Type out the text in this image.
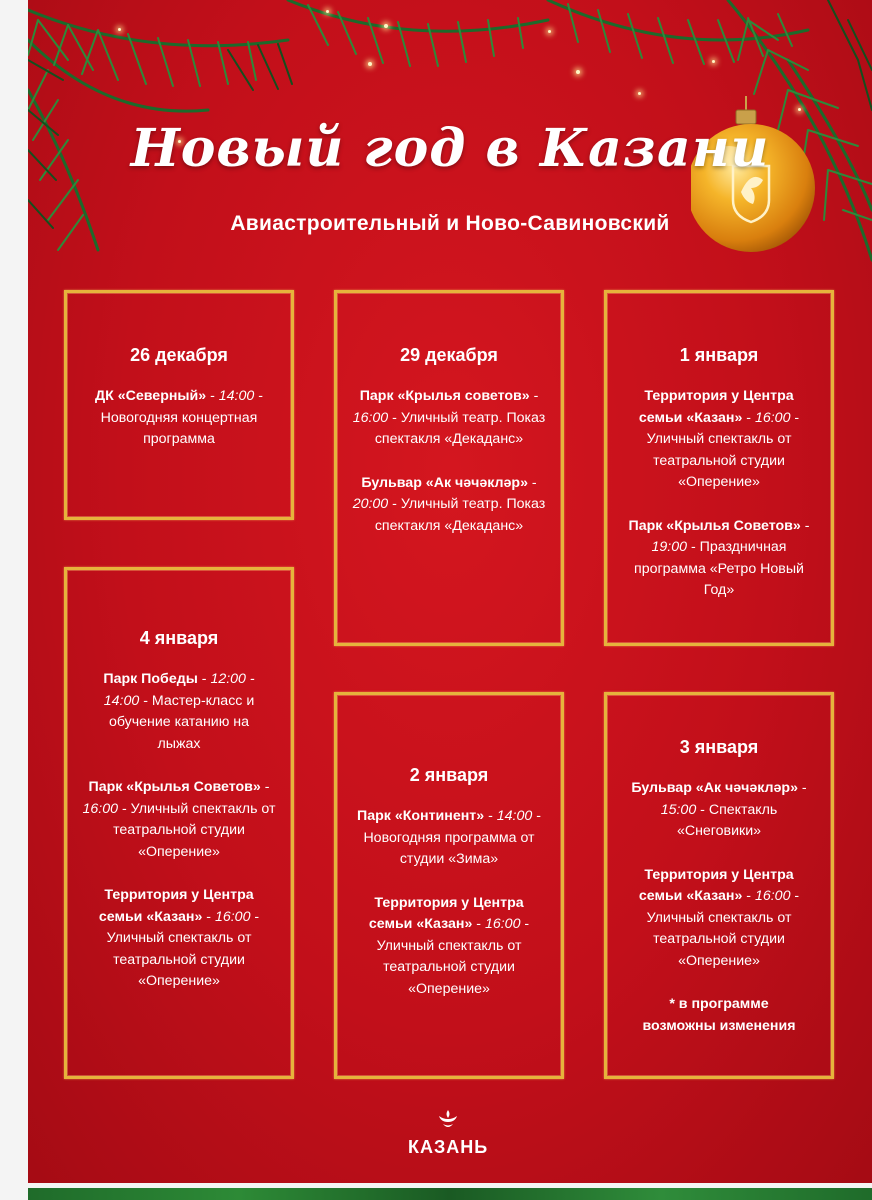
Новый год в Казани
Авиастроительный и Ново-Савиновский
26 декабря
ДК «Северный» - 14:00 - Новогодняя концертная программа
29 декабря
Парк «Крылья советов» - 16:00 - Уличный театр. Показ спектакля «Декаданс»
Бульвар «Ак чәчәкләр» - 20:00 - Уличный театр. Показ спектакля «Декаданс»
1 января
Территория у Центра семьи «Казан» - 16:00 - Уличный спектакль от театральной студии «Оперение»
Парк «Крылья Советов» - 19:00 - Праздничная программа «Ретро Новый Год»
4 января
Парк Победы - 12:00 - 14:00 - Мастер-класс и обучение катанию на лыжах
Парк «Крылья Советов» - 16:00 - Уличный спектакль от театральной студии «Оперение»
Территория у Центра семьи «Казан» - 16:00 - Уличный спектакль от театральной студии «Оперение»
2 января
Парк «Континент» - 14:00 - Новогодняя программа от студии «Зима»
Территория у Центра семьи «Казан» - 16:00 - Уличный спектакль от театральной студии «Оперение»
3 января
Бульвар «Ак чәчәкләр» - 15:00 - Спектакль «Снеговики»
Территория у Центра семьи «Казан» - 16:00 - Уличный спектакль от театральной студии «Оперение»
* в программе возможны изменения
КАЗАНЬ
